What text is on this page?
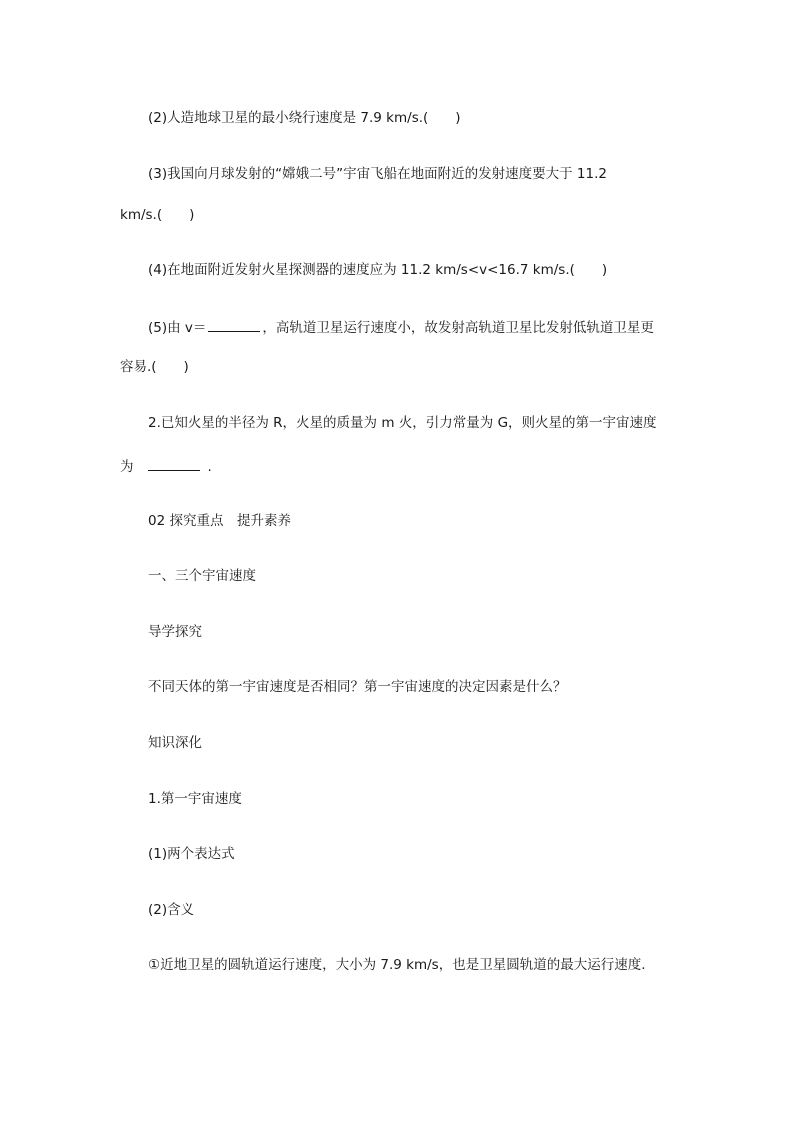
(2)人造地球卫星的最小绕行速度是 7.9 km/s.(　　)
(3)我国向月球发射的“嫦娥二号”宇宙飞船在地面附近的发射速度要大于 11.2
km/s.(　　)
(4)在地面附近发射火星探测器的速度应为 11.2 km/s<v<16.7 km/s.(　　)
(5)由 v＝	，高轨道卫星运行速度小，故发射高轨道卫星比发射低轨道卫星更
容易.(　　)
2.已知火星的半径为 R，火星的质量为 m 火，引力常量为 G，则火星的第一宇宙速度
为	.
02 探究重点　提升素养
一、三个宇宙速度
导学探究
不同天体的第一宇宙速度是否相同？第一宇宙速度的决定因素是什么？
知识深化
1.第一宇宙速度
(1)两个表达式
(2)含义
①近地卫星的圆轨道运行速度，大小为 7.9 km/s，也是卫星圆轨道的最大运行速度.
